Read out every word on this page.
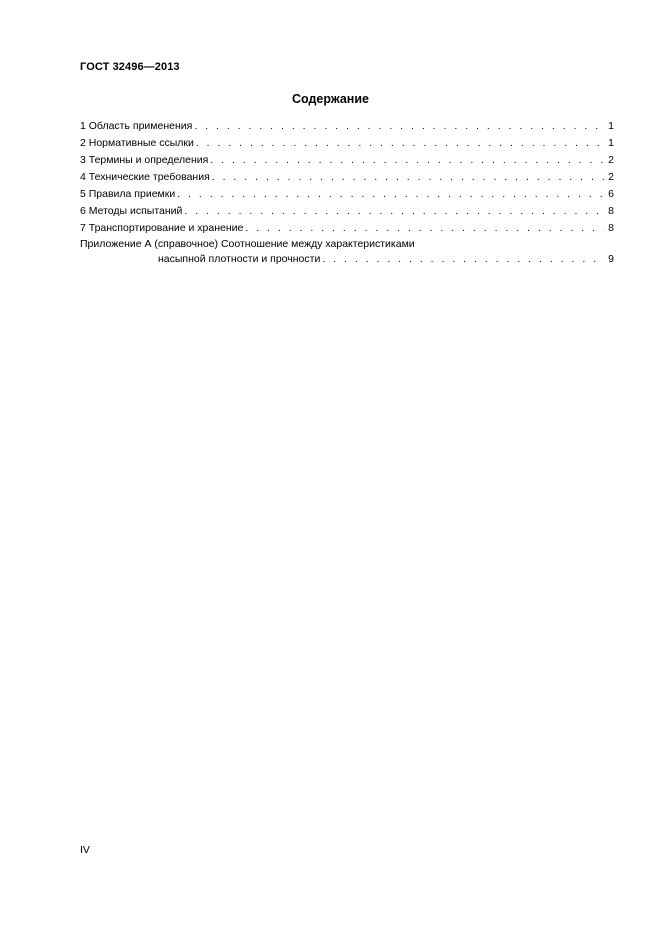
ГОСТ 32496—2013
Содержание
1 Область применения . . .	1
2 Нормативные ссылки . . .	1
3 Термины и определения . . .	2
4 Технические требования . . .	2
5 Правила приемки . . .	6
6 Методы испытаний . . .	8
7 Транспортирование и хранение . . .	8
Приложение А (справочное) Соотношение между характеристиками
насыпной плотности и прочности . . .	9
IV
